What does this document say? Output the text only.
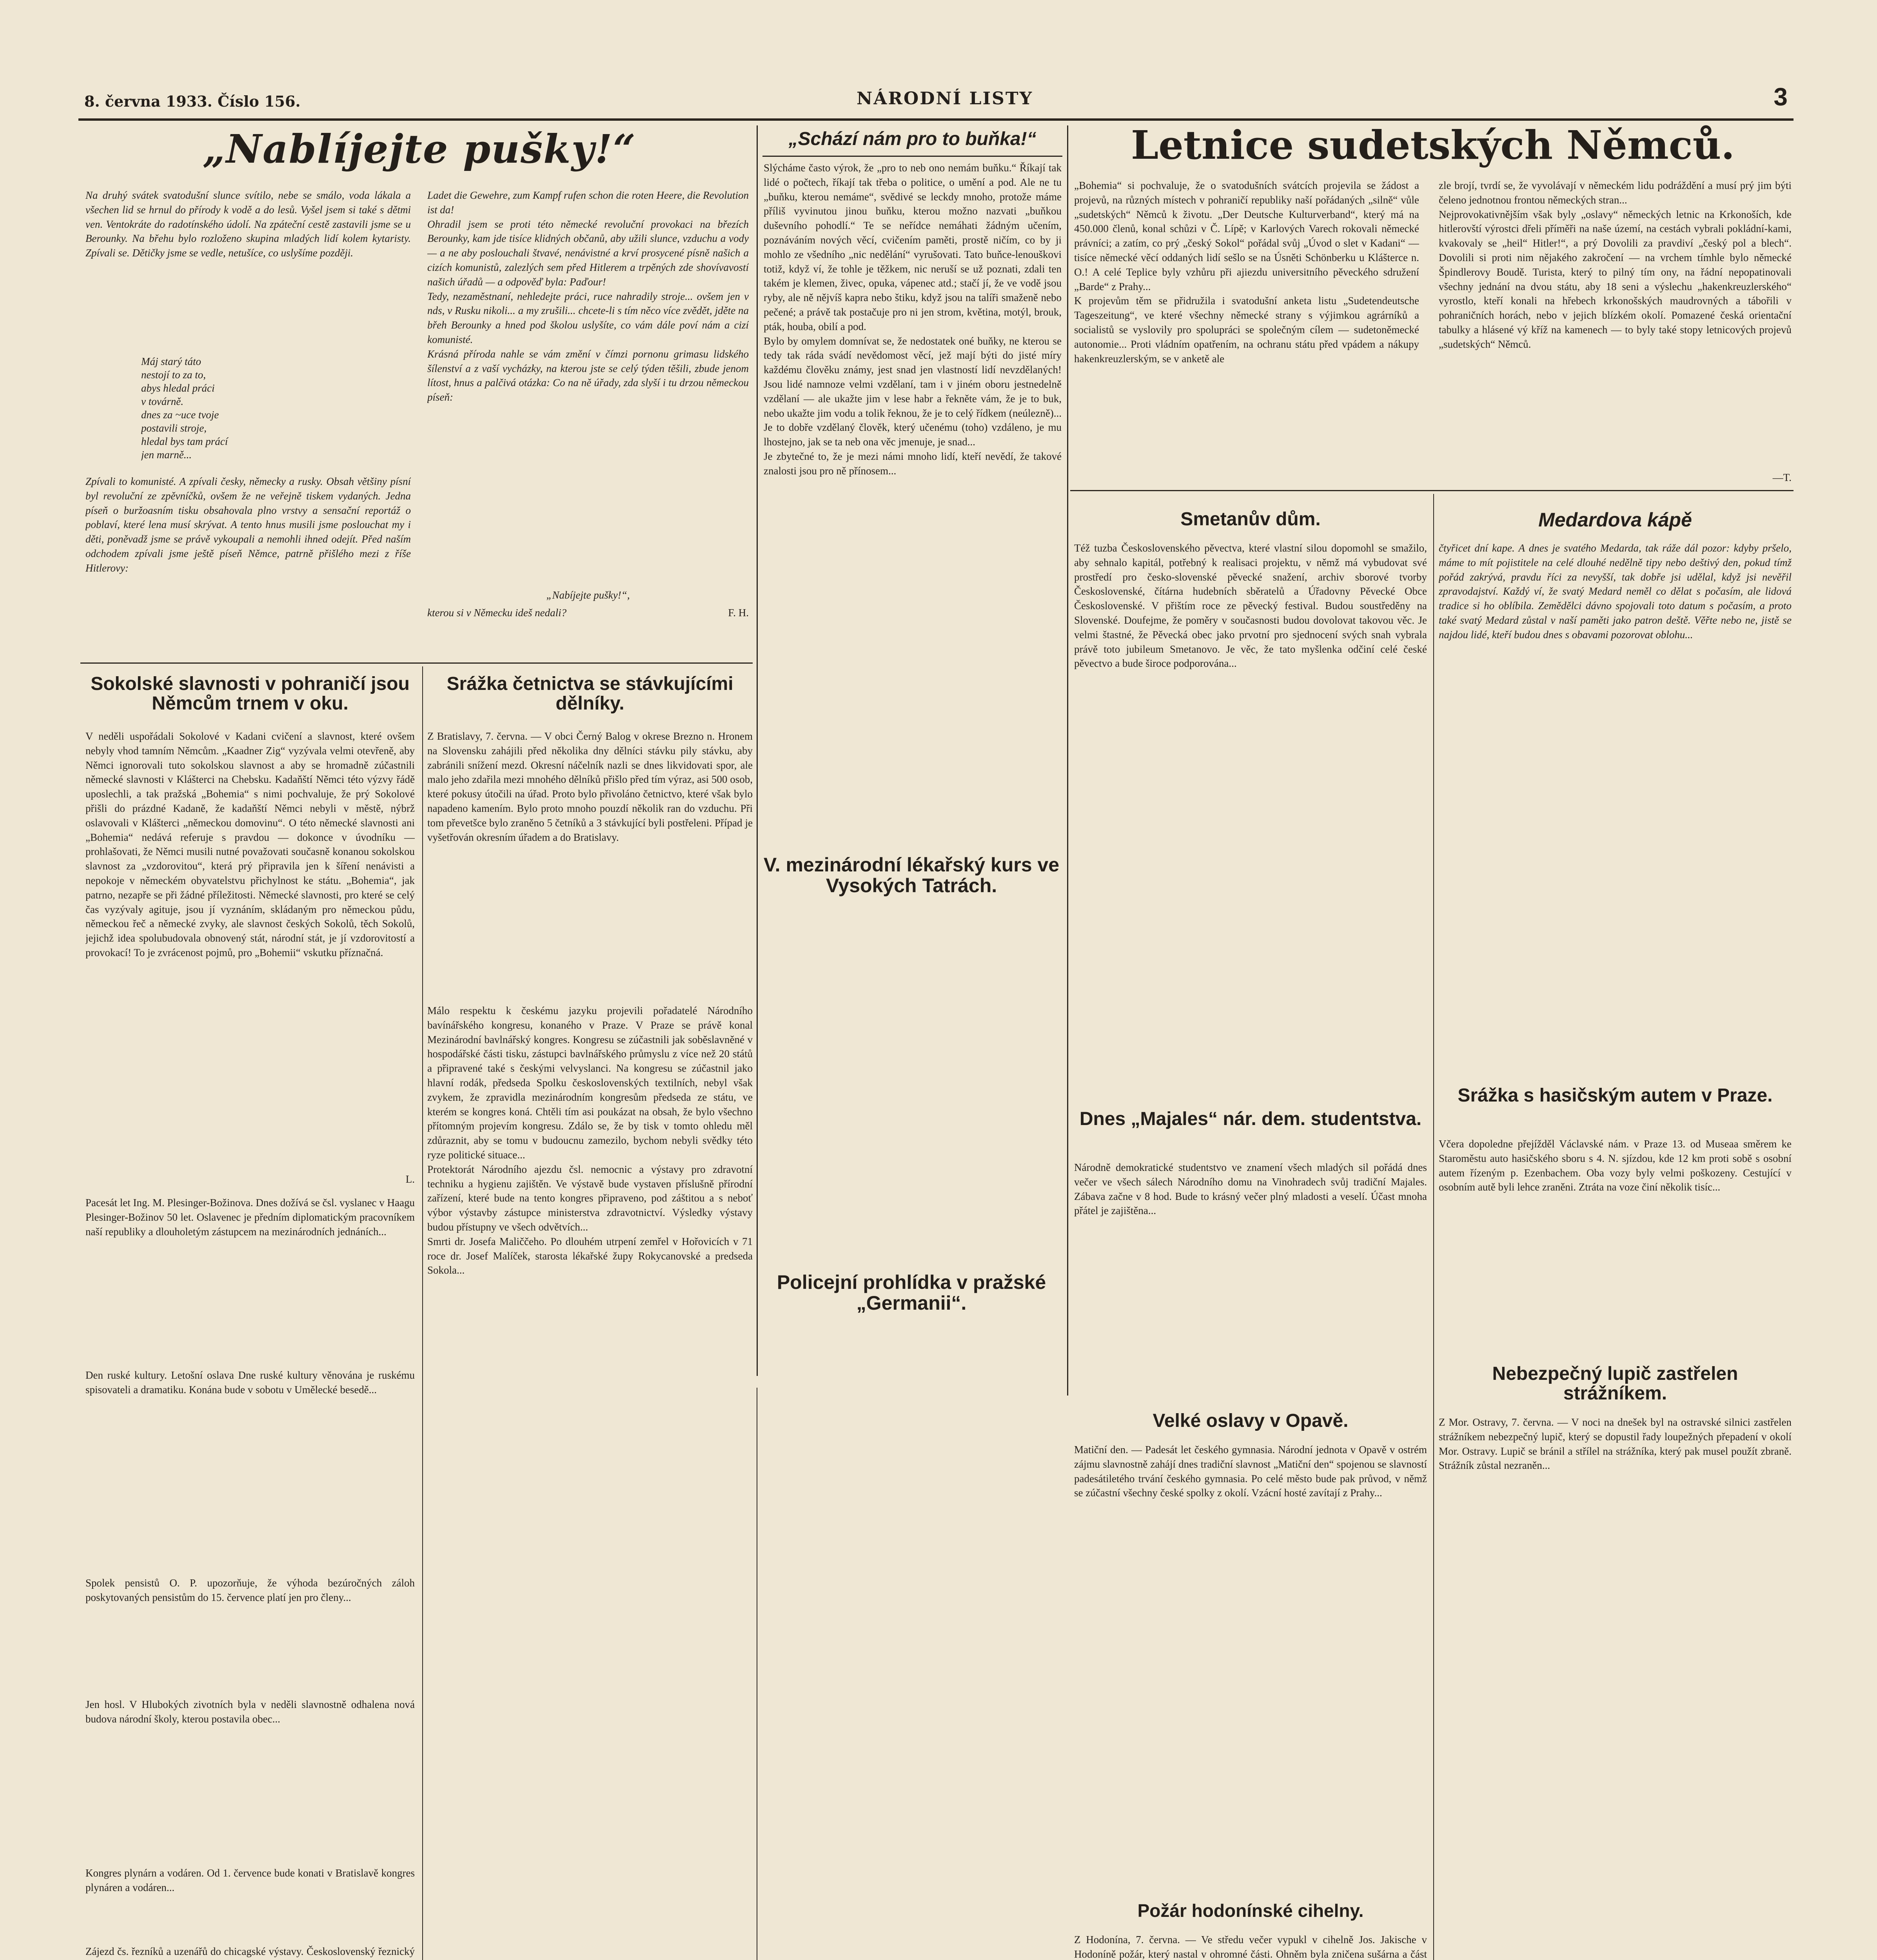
8. června 1933. Číslo 156.	NÁRODNÍ LISTY	3
„Nablíjejte pušky!“

Na druhý svátek svatodušní slunce svítilo, nebe se smálo, voda lákala a všechen lid se hrnul do přírody k vodě a do lesů. Vyšel jsem si také s dětmi ven. Ventokráte do radotínského údolí. Na zpáteční cestě zastavili jsme se u Berounky. Na břehu bylo rozloženo skupina mladých lidí kolem kytaristy. Zpívali se. Dětičky jsme se vedle, netušíce, co uslyšíme později.

Máj starý táto
nestojí to za to,
abys hledal práci
v továrně.
dnes za ~uce tvoje
postavili stroje,
hledal bys tam prácí
jen marně...

Zpívali to komunisté. A zpívali česky, německy a rusky. Obsah většiny písní byl revoluční ze zpěvníčků, ovšem že ne veřejně tiskem vydaných. Jedna píseň o buržoasním tisku obsahovala plno vrstvy a sensační reportáž o poblaví, které lena musí skrývat. A tento hnus musili jsme poslouchat my i děti, poněvadž jsme se právě vykoupali a nemohli ihned odejít. Před naším odchodem zpívali jsme ještě píseň Němce, patrně přišlého mezi z říše Hitlerovy:

Ladet die Gewehre, zum Kampf rufen schon die roten Heere, die Revolution ist da!
Ohradil jsem se proti této německé revoluční provokaci na březích Berounky, kam jde tisíce klidných občanů, aby užili slunce, vzduchu a vody — a ne aby poslouchali štvavé, nenávistné a krví prosycené písně našich a cizích komunistů, zalezlých sem před Hitlerem a trpěných zde shovívavostí našich úřadů — a odpověď byla: Paďour!
Tedy, nezaměstnaní, nehledejte práci, ruce nahradily stroje... ovšem jen v nds, v Rusku nikoli... a my zrušili... chcete-li s tím něco více zvědět, jděte na břeh Berounky a hned pod školou uslyšíte, co vám dále poví nám a cizí komunisté.
Krásná příroda nahle se vám změní v čímzi pornonu grimasu lidského šílenství a z vaší vycházky, na kterou jste se celý týden těšili, zbude jenom lítost, hnus a palčivá otázka: Co na ně úřady, zda slyší i tu drzou německou píseň:
„Nabíjejte pušky!“,
kterou si v Německu ideš nedali?	F. H.
„Schází nám pro to buňka!“
Slýcháme často výrok, že „pro to neb ono nemám buňku.“ Říkají tak lidé o počtech, říkají tak třeba o politice, o umění a pod. Ale ne tu „buňku, kterou nemáme“, svědivé se leckdy mnoho, protože máme příliš vyvinutou jinou buňku, kterou možno nazvati „buňkou duševního pohodlí.“ Te se neřídce nemáhati žádným učením, poznáváním nových věcí, cvičením paměti, prostě ničím, co by ji mohlo ze všedního „nic nedělání“ vyrušovati. Tato buňce-lenouškovi totiž, když ví, že tohle je těžkem, nic neruší se už poznati, zdali ten takém je klemen, živec, opuka, vápenec atd.; stačí jí, že ve vodě jsou ryby, ale ně nějvíš kapra nebo štiku, když jsou na talíři smaženě nebo pečené; a právě tak postačuje pro ni jen strom, květina, motýl, brouk, pták, houba, obilí a pod.
Bylo by omylem domnívat se, že nedostatek oné buňky, ne kterou se tedy tak ráda svádí nevědomost věcí, jež mají býti do jisté míry každému člověku známy, jest snad jen vlastností lidí nevzdělaných! Jsou lidé namnoze velmi vzdělaní, tam i v jiném oboru jestnedelně vzdělaní — ale ukažte jim v lese habr a řekněte vám, že je to buk, nebo ukažte jim vodu a tolik řeknou, že je to celý řídkem (neúlezně)... Je to dobře vzdělaný člověk, který učenému (toho) vzdáleno, je mu lhostejno, jak se ta neb ona věc jmenuje, je snad...
Je zbytečné to, že je mezi námi mnoho lidí, kteří nevědí, že takové znalosti jsou pro ně přínosem...
Letnice sudetských Němců.
„Bohemia“ si pochvaluje, že o svatodušních svátcích projevila se žádost a projevů, na různých místech v pohraničí republiky naší pořádaných „silně“ vůle „sudetských“ Němců k životu. „Der Deutsche Kulturverband“, který má na 450.000 členů, konal schůzi v Č. Lípě; v Karlových Varech rokovali německé právníci; a zatím, co prý „český Sokol“ pořádal svůj „Úvod o slet v Kadani“ — tisíce německé věcí oddaných lidí sešlo se na Úsněti Schönberku u Klášterce n. O.! A celé Teplice byly vzhůru při ajiezdu universitního pěveckého sdružení „Barde“ z Prahy...
K projevům těm se přidružila i svatodušní anketa listu „Sudetendeutsche Tageszeitung“, ve které všechny německé strany s výjimkou agrárníků a socialistů se vyslovily pro spolupráci se společným cílem — sudetoněmecké autonomie... Proti vládním opatřením, na ochranu státu před vpádem a nákupy hakenkreuzlerským, se v anketě ale
zle brojí, tvrdí se, že vyvolávají v německém lidu podráždění a musí prý jim býti čeleno jednotnou frontou německých stran...
Nejprovokativnějším však byly „oslavy“ německých letnic na Krkonoších, kde hitlerovští výrostci dřeli příměři na naše území, na cestách vybrali pokládní-kami, kvakovaly se „heil“ Hitler!“, a prý Dovolili za pravdiví „český pol a blech“. Dovolili si proti nim nějakého zakročení — na vrchem tímhle bylo německé Špindlerovy Boudě. Turista, který to pilný tím ony, na řádní nepopatinovali všechny jednání na dvou státu, aby 18 seni a výslechu „hakenkreuzlerského“ vyrostlo, kteří konali na hřebech krkonošských maudrovných a tábořili v pohraničních horách, nebo v jejich blízkém okolí. Pomazené česká orientační tabulky a hlásené vý kříž na kamenech — to byly také stopy letnicových projevů „sudetských“ Němců.
—T.
Sokolské slavnosti v pohraničí jsou Němcům trnem v oku.
V neděli uspořádali Sokolové v Kadani cvičení a slavnost, které ovšem nebyly vhod tamním Němcům. „Kaadner Zig“ vyzývala velmi otevřeně, aby Němci ignorovali tuto sokolskou slavnost a aby se hromadně zúčastnili německé slavnosti v Klášterci na Chebsku. Kadaňští Němci této výzvy řádě uposlechli, a tak pražská „Bohemia“ s nimi pochvaluje, že prý Sokolové přišli do prázdné Kadaně, že kadaňští Němci nebyli v městě, nýbrž oslavovali v Klášterci „německou domovinu“. O této německé slavnosti ani „Bohemia“ nedává referuje s pravdou — dokonce v úvodníku — prohlašovati, že Němci musili nutné považovati současně konanou sokolskou slavnost za „vzdorovitou“, která prý připravila jen k šíření nenávisti a nepokoje v německém obyvatelstvu přichylnost ke státu. „Bohemia“, jak patrno, nezapře se při žádné příležitosti. Německé slavnosti, pro které se celý čas vyzývaly agituje, jsou jí vyznáním, skládaným pro německou půdu, německou řeč a německé zvyky, ale slavnost českých Sokolů, těch Sokolů, jejichž idea spolubudovala obnovený stát, národní stát, je jí vzdorovitostí a provokací! To je zvrácenost pojmů, pro „Bohemii“ vskutku příznačná.
L.
Pacesát let Ing. M. Plesinger-Božinova. Dnes dožívá se čsl. vyslanec v Haagu Plesinger-Božinov 50 let. Oslavenec je předním diplomatickým pracovníkem naší republiky a dlouholetým zástupcem na mezinárodních jednáních...
Den ruské kultury. Letošní oslava Dne ruské kultury věnována je ruskému spisovateli a dramatiku. Konána bude v sobotu v Umělecké besedě...
Spolek pensistů O. P. upozorňuje, že výhoda bezúročných záloh poskytovaných pensistům do 15. července platí jen pro členy...
Jen hosl. V Hlubokých zivotních byla v neděli slavnostně odhalena nová budova národní školy, kterou postavila obec...
Kongres plynárn a vodáren. Od 1. července bude konati v Bratislavě kongres plynáren a vodáren...
Zájezd čs. řezníků a uzenářů do chicagské výstavy. Československý řeznický
Srážka četnictva se stávkujícími dělníky.
Z Bratislavy, 7. června. — V obci Černý Balog v okrese Brezno n. Hronem na Slovensku zahájili před několika dny dělníci stávku pily stávku, aby zabránili snížení mezd. Okresní náčelník nazli se dnes likvidovati spor, ale malo jeho zdařila mezi mnohého dělníků přišlo před tím výraz, asi 500 osob, které pokusy útočili na úřad. Proto bylo přivoláno četnictvo, které však bylo napadeno kamením. Bylo proto mnoho pouzdí několik ran do vzduchu. Při tom převetšce bylo zraněno 5 četníků a 3 stávkující byli postřeleni. Případ je vyšetřován okresním úřadem a do Bratislavy.
Málo respektu k českému jazyku projevili pořadatelé Národního bavínářského kongresu, konaného v Praze. V Praze se právě konal Mezinárodní bavlnářský kongres. Kongresu se zúčastnili jak soběslavněné v hospodářské části tisku, zástupci bavlnářského průmyslu z více než 20 států a připravené také s českými velvyslanci. Na kongresu se zúčastnil jako hlavní rodák, předseda Spolku československých textilních, nebyl však zvykem, že zpravidla mezinárodním kongresům předseda ze státu, ve kterém se kongres koná. Chtěli tím asi poukázat na obsah, že bylo všechno přítomným projevím kongresu. Zdálo se, že by tisk v tomto ohledu měl zdůraznit, aby se tomu v budoucnu zamezilo, bychom nebyli svědky této ryze politické situace...
Protektorát Národního ajezdu čsl. nemocnic a výstavy pro zdravotní techniku a hygienu zajištěn. Ve výstavě bude vystaven příslušně přírodní zařízení, které bude na tento kongres připraveno, pod záštitou a s neboť výbor výstavby zástupce ministerstva zdravotnictví. Výsledky výstavy budou přístupny ve všech odvětvích...
Smrti dr. Josefa Maliččeho. Po dlouhém utrpení zemřel v Hořovicích v 71 roce dr. Josef Malíček, starosta lékařské župy Rokycanovské a predseda Sokola...
V. mezinárodní lékařský kurs ve Vysokých Tatrách.
Policejní prohlídka v pražské „Germanii“.
Smetanův dům.
Též tuzba Československého pěvectva, které vlastní silou dopomohl se smažilo, aby sehnalo kapitál, potřebný k realisaci projektu, v němž má vybudovat své prostředí pro česko-slovenské pěvecké snažení, archiv sborové tvorby Československé, čítárna hudebních sběratelů a Úřadovny Pěvecké Obce Československé. V přištím roce ze pěvecký festival. Budou soustředěny na Slovenské. Doufejme, že poměry v současnosti budou dovolovat takovou věc. Je velmi štastné, že Pěvecká obec jako prvotní pro sjednocení svých snah vybrala právě toto jubileum Smetanovo. Je věc, že tato myšlenka odčiní celé české pěvectvo a bude široce podporována...
Medardova kápě
čtyřicet dní kape. A dnes je svatého Medarda, tak ráže dál pozor: kdyby pršelo, máme to mít pojistitele na celé dlouhé nedělně tipy nebo deštivý den, pokud tímž pořád zakrývá, pravdu říci za nevyšší, tak dobře jsi udělal, když jsi nevěřil zpravodajství. Každý ví, že svatý Medard neměl co dělat s počasím, ale lidová tradice si ho oblíbila. Zemědělci dávno spojovali toto datum s počasím, a proto také svatý Medard zůstal v naší paměti jako patron deště. Věřte nebo ne, jistě se najdou lidé, kteří budou dnes s obavami pozorovat oblohu...
Dnes „Majales“ nár. dem. studentstva.
Národně demokratické studentstvo ve znamení všech mladých sil pořádá dnes večer ve všech sálech Národního domu na Vinohradech svůj tradiční Majales. Zábava začne v 8 hod. Bude to krásný večer plný mladosti a veselí. Účast mnoha přátel je zajištěna...
Srážka s hasičským autem v Praze.
Včera dopoledne přejížděl Václavské nám. v Praze 13. od Museaa směrem ke Staroměstu auto hasičského sboru s 4. N. sjízdou, kde 12 km proti sobě s osobní autem řízeným p. Ezenbachem. Oba vozy byly velmi poškozeny. Cestující v osobním autě byli lehce zraněni. Ztráta na voze činí několik tisíc...
Velké oslavy v Opavě.
Matiční den. — Padesát let českého gymnasia. Národní jednota v Opavě v ostrém zájmu slavnostně zahájí dnes tradiční slavnost „Matiční den“ spojenou se slavností padesátiletého trvání českého gymnasia. Po celé město bude pak průvod, v němž se zúčastní všechny české spolky z okolí. Vzácní hosté zavítají z Prahy...
Nebezpečný lupič zastřelen strážníkem.
Z Mor. Ostravy, 7. června. — V noci na dnešek byl na ostravské silnici zastřelen strážníkem nebezpečný lupič, který se dopustil řady loupežných přepadení v okolí Mor. Ostravy. Lupič se bránil a střílel na strážníka, který pak musel použít zbraně. Strážník zůstal nezraněn...
Požár hodonínské cihelny.
Z Hodonína, 7. června. — Ve středu večer vypukl v cihelně Jos. Jakische v Hodoníně požár, který nastal v ohromné části. Ohněm byla zničena sušárna a část
